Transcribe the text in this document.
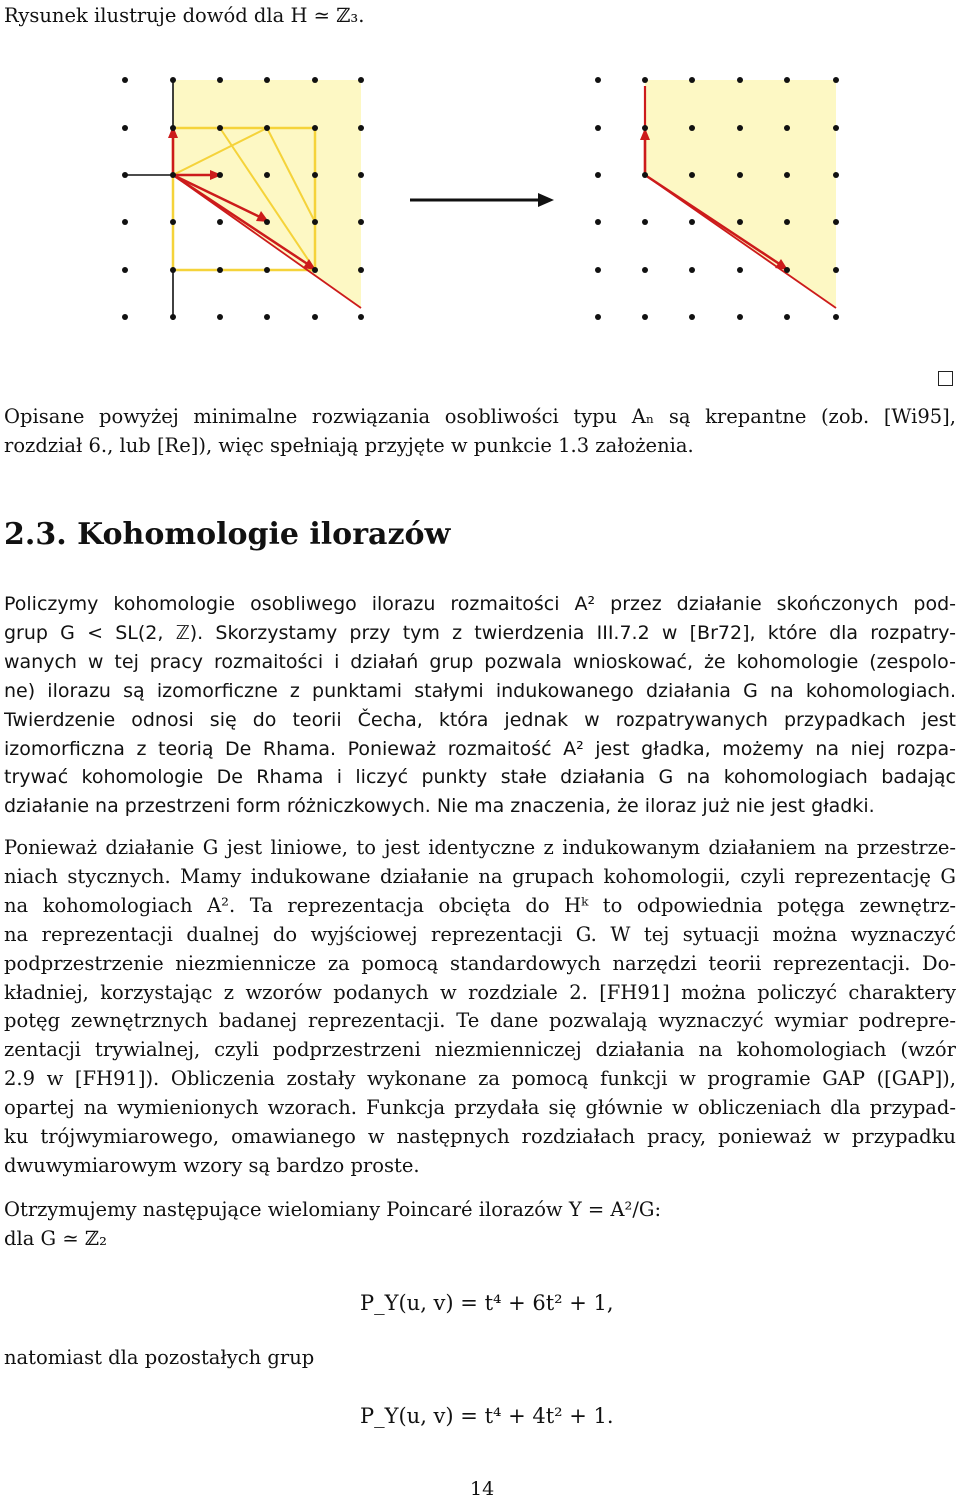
Rysunek ilustruje dowód dla H ≃ ℤ₃.
Opisane powyżej minimalne rozwiązania osobliwości typu Aₙ są krepantne (zob. [Wi95],
rozdział 6., lub [Re]), więc spełniają przyjęte w punkcie 1.3 założenia.
2.3. Kohomologie ilorazów
Policzymy kohomologie osobliwego ilorazu rozmaitości A² przez działanie skończonych pod-
grup G < SL(2, ℤ). Skorzystamy przy tym z twierdzenia III.7.2 w [Br72], które dla rozpatry-
wanych w tej pracy rozmaitości i działań grup pozwala wnioskować, że kohomologie (zespolo-
ne) ilorazu są izomorficzne z punktami stałymi indukowanego działania G na kohomologiach.
Twierdzenie odnosi się do teorii Čecha, która jednak w rozpatrywanych przypadkach jest
izomorficzna z teorią De Rhama. Ponieważ rozmaitość A² jest gładka, możemy na niej rozpa-
trywać kohomologie De Rhama i liczyć punkty stałe działania G na kohomologiach badając
działanie na przestrzeni form różniczkowych. Nie ma znaczenia, że iloraz już nie jest gładki.
Ponieważ działanie G jest liniowe, to jest identyczne z indukowanym działaniem na przestrze-
niach stycznych. Mamy indukowane działanie na grupach kohomologii, czyli reprezentację G
na kohomologiach A². Ta reprezentacja obcięta do Hᵏ to odpowiednia potęga zewnętrz-
na reprezentacji dualnej do wyjściowej reprezentacji G. W tej sytuacji można wyznaczyć
podprzestrzenie niezmiennicze za pomocą standardowych narzędzi teorii reprezentacji. Do-
kładniej, korzystając z wzorów podanych w rozdziale 2. [FH91] można policzyć charaktery
potęg zewnętrznych badanej reprezentacji. Te dane pozwalają wyznaczyć wymiar podrepre-
zentacji trywialnej, czyli podprzestrzeni niezmienniczej działania na kohomologiach (wzór
2.9 w [FH91]). Obliczenia zostały wykonane za pomocą funkcji w programie GAP ([GAP]),
opartej na wymienionych wzorach. Funkcja przydała się głównie w obliczeniach dla przypad-
ku trójwymiarowego, omawianego w następnych rozdziałach pracy, ponieważ w przypadku
dwuwymiarowym wzory są bardzo proste.
Otrzymujemy następujące wielomiany Poincaré ilorazów Y = A²/G:
dla G ≃ ℤ₂
P_Y(u, v) = t⁴ + 6t² + 1,
natomiast dla pozostałych grup
P_Y(u, v) = t⁴ + 4t² + 1.
14
